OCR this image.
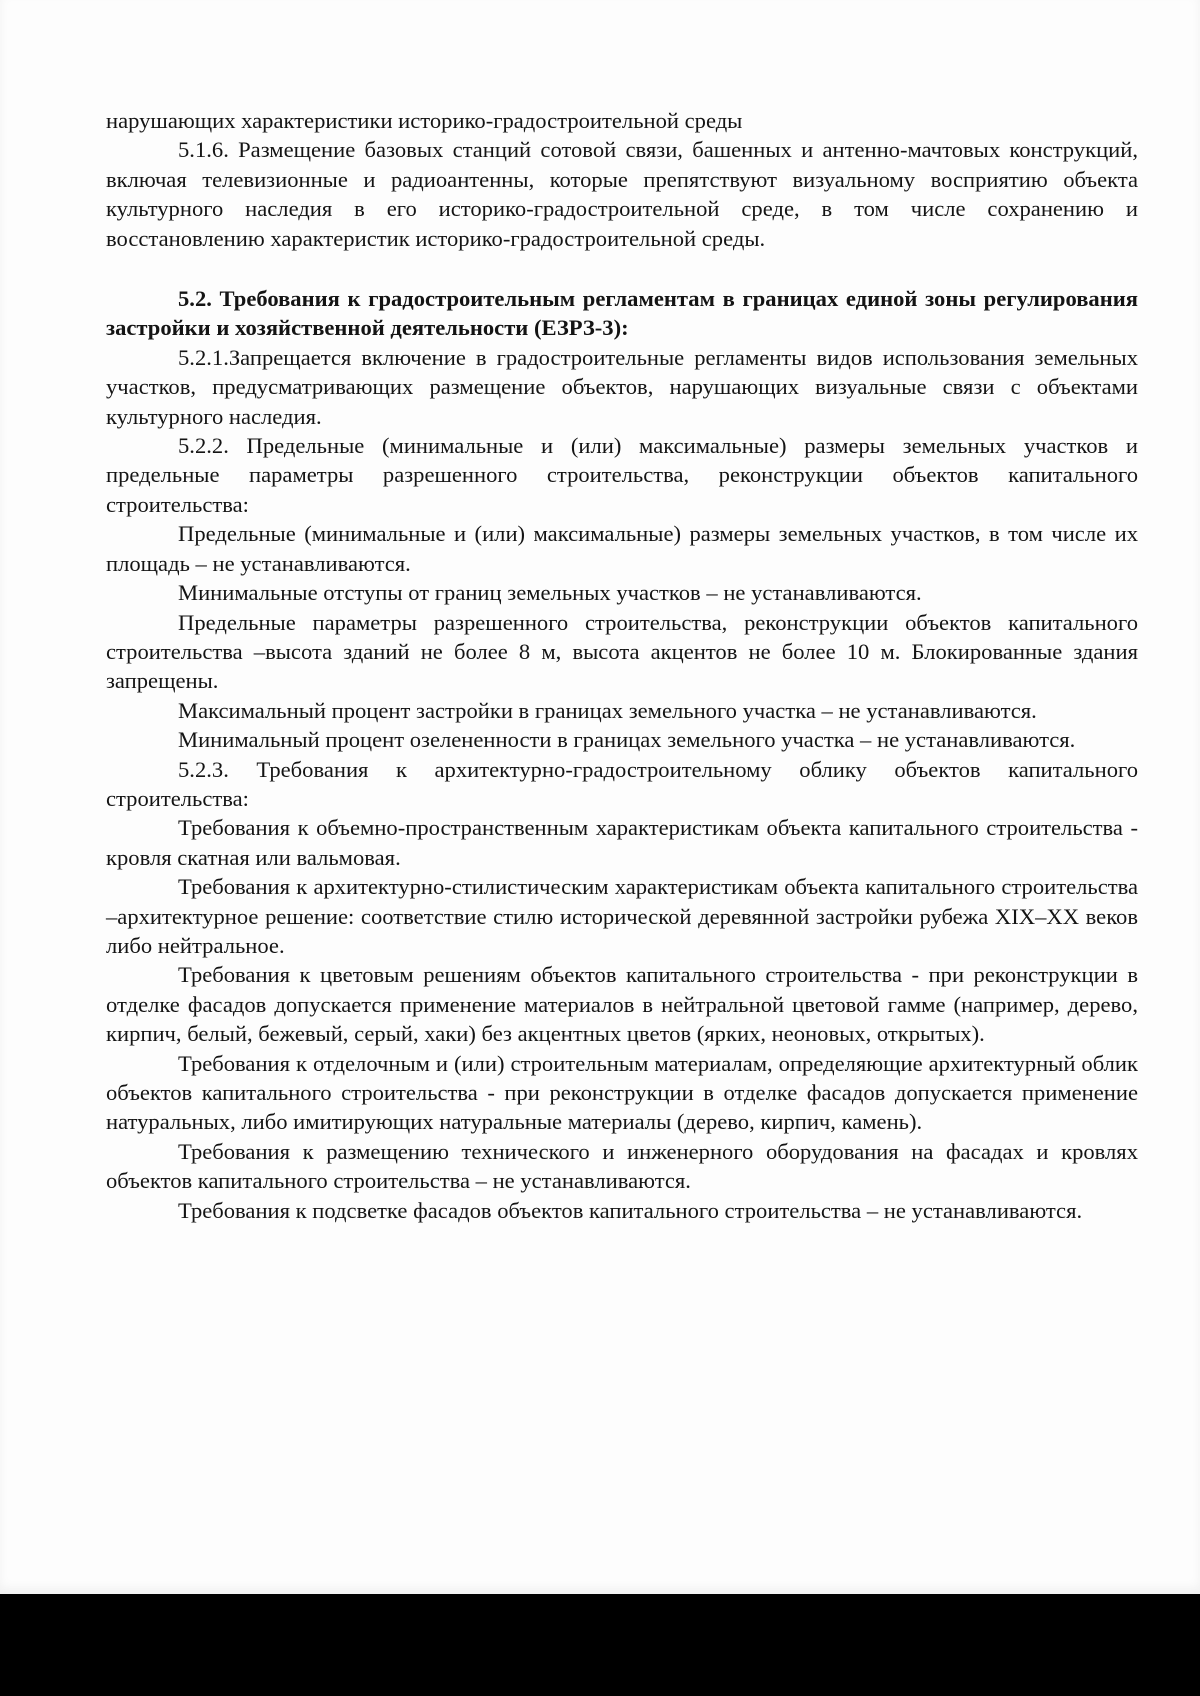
нарушающих характеристики историко-градостроительной среды

5.1.6. Размещение базовых станций сотовой связи, башенных и антенно-мачтовых конструкций, включая телевизионные и радиоантенны, которые препятствуют визуальному восприятию объекта культурного наследия в его историко-градостроительной среде, в том числе сохранению и восстановлению характеристик историко-градостроительной среды.

5.2. Требования к градостроительным регламентам в границах единой зоны регулирования застройки и хозяйственной деятельности (ЕЗРЗ-3):

5.2.1.Запрещается включение в градостроительные регламенты видов использования земельных участков, предусматривающих размещение объектов, нарушающих визуальные связи с объектами культурного наследия.

5.2.2. Предельные (минимальные и (или) максимальные) размеры земельных участков и предельные параметры разрешенного строительства, реконструкции объектов капитального строительства:

Предельные (минимальные и (или) максимальные) размеры земельных участков, в том числе их площадь – не устанавливаются.

Минимальные отступы от границ земельных участков – не устанавливаются.

Предельные параметры разрешенного строительства, реконструкции объектов капитального строительства –высота зданий не более 8 м, высота акцентов не более 10 м. Блокированные здания запрещены.

Максимальный процент застройки в границах земельного участка – не устанавливаются.

Минимальный процент озелененности в границах земельного участка – не устанавливаются.

5.2.3. Требования к архитектурно-градостроительному облику объектов капитального строительства:

Требования к объемно-пространственным характеристикам объекта капитального строительства - кровля скатная или вальмовая.

Требования к архитектурно-стилистическим характеристикам объекта капитального строительства –архитектурное решение: соответствие стилю исторической деревянной застройки рубежа XIX–XX веков либо нейтральное.

Требования к цветовым решениям объектов капитального строительства - при реконструкции в отделке фасадов допускается применение материалов в нейтральной цветовой гамме (например, дерево, кирпич, белый, бежевый, серый, хаки) без акцентных цветов (ярких, неоновых, открытых).

Требования к отделочным и (или) строительным материалам, определяющие архитектурный облик объектов капитального строительства - при реконструкции в отделке фасадов допускается применение натуральных, либо имитирующих натуральные материалы (дерево, кирпич, камень).

Требования к размещению технического и инженерного оборудования на фасадах и кровлях объектов капитального строительства – не устанавливаются.

Требования к подсветке фасадов объектов капитального строительства – не устанавливаются.
